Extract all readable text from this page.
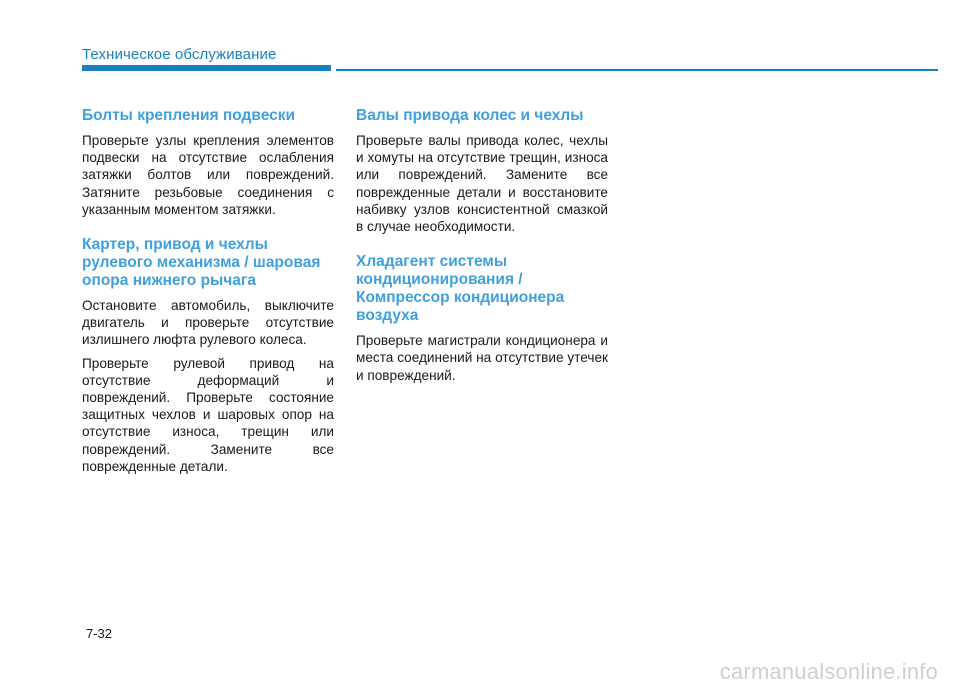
Техническое обслуживание
Болты крепления подвески

Проверьте узлы крепления элементов подвески на отсутствие ослабления затяжки болтов или повреждений. Затяните резьбовые соединения с указанным моментом затяжки.

Картер, привод и чехлы рулевого механизма / шаровая опора нижнего рычага

Остановите автомобиль, выключите двигатель и проверьте отсутствие излишнего люфта рулевого колеса.

Проверьте рулевой привод на отсутствие деформаций и повреждений. Проверьте состояние защитных чехлов и шаровых опор на отсутствие износа, трещин или повреждений. Замените все поврежденные детали.

Валы привода колес и чехлы

Проверьте валы привода колес, чехлы и хомуты на отсутствие трещин, износа или повреждений. Замените все поврежденные детали и восстановите набивку узлов консистентной смазкой в случае необходимости.

Хладагент системы кондиционирования / Компрессор кондиционера воздуха

Проверьте магистрали кондиционера и места соединений на отсутствие утечек и повреждений.

7-32
carmanualsonline.info
